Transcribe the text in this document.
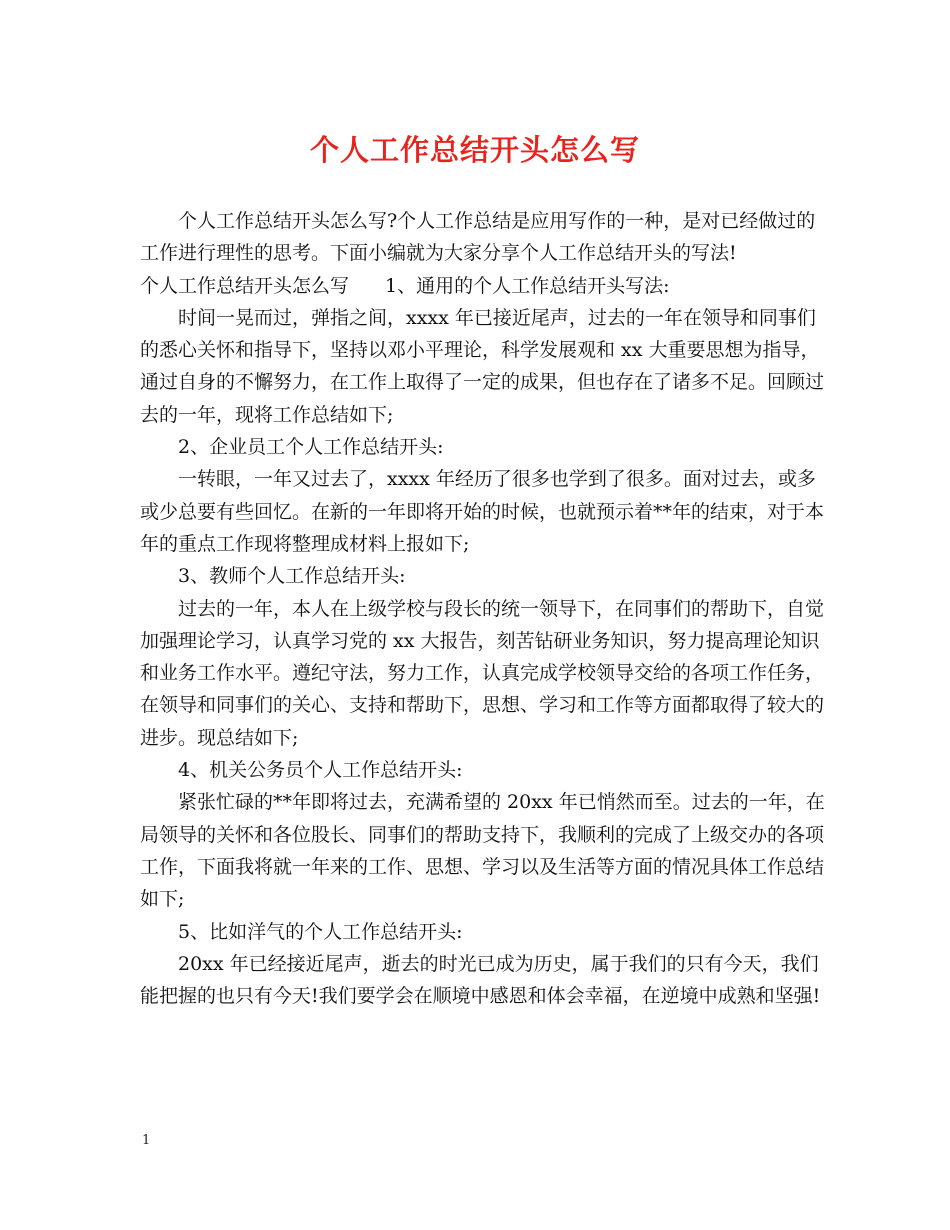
个人工作总结开头怎么写
个人工作总结开头怎么写?个人工作总结是应用写作的一种，是对已经做过的
工作进行理性的思考。下面小编就为大家分享个人工作总结开头的写法!
个人工作总结开头怎么写 1、通用的个人工作总结开头写法:
时间一晃而过，弹指之间，xxxx 年已接近尾声，过去的一年在领导和同事们
的悉心关怀和指导下，坚持以邓小平理论，科学发展观和 xx 大重要思想为指导，
通过自身的不懈努力，在工作上取得了一定的成果，但也存在了诸多不足。回顾过
去的一年，现将工作总结如下;
2、企业员工个人工作总结开头:
一转眼，一年又过去了，xxxx 年经历了很多也学到了很多。面对过去，或多
或少总要有些回忆。在新的一年即将开始的时候，也就预示着**年的结束，对于本
年的重点工作现将整理成材料上报如下;
3、教师个人工作总结开头:
过去的一年，本人在上级学校与段长的统一领导下，在同事们的帮助下，自觉
加强理论学习，认真学习党的 xx 大报告，刻苦钻研业务知识，努力提高理论知识
和业务工作水平。遵纪守法，努力工作，认真完成学校领导交给的各项工作任务，
在领导和同事们的关心、支持和帮助下，思想、学习和工作等方面都取得了较大的
进步。现总结如下;
4、机关公务员个人工作总结开头:
紧张忙碌的**年即将过去，充满希望的 20xx 年已悄然而至。过去的一年，在
局领导的关怀和各位股长、同事们的帮助支持下，我顺利的完成了上级交办的各项
工作，下面我将就一年来的工作、思想、学习以及生活等方面的情况具体工作总结
如下;
5、比如洋气的个人工作总结开头:
20xx 年已经接近尾声，逝去的时光已成为历史，属于我们的只有今天，我们
能把握的也只有今天!我们要学会在顺境中感恩和体会幸福，在逆境中成熟和坚强!
1
